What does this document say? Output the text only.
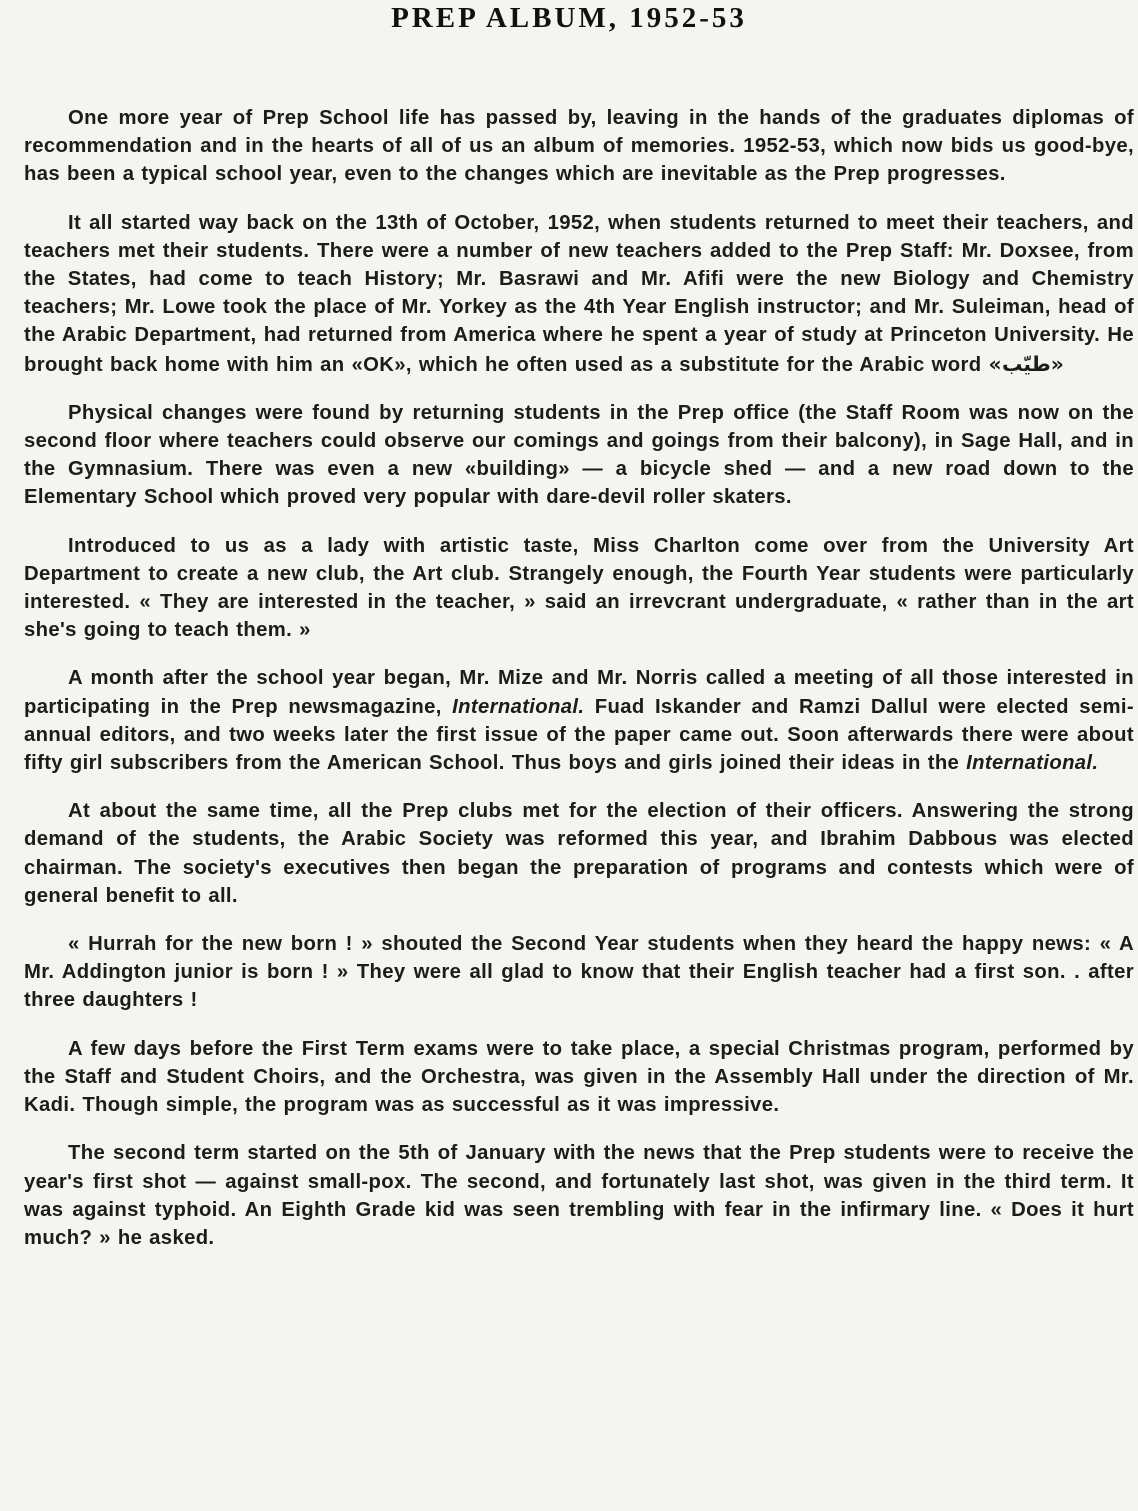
PREP ALBUM, 1952-53

One more year of Prep School life has passed by, leaving in the hands of the graduates diplomas of recommendation and in the hearts of all of us an album of memories. 1952-53, which now bids us good-bye, has been a typical school year, even to the changes which are inevitable as the Prep progresses.

It all started way back on the 13th of October, 1952, when students returned to meet their teachers, and teachers met their students. There were a number of new teachers added to the Prep Staff: Mr. Doxsee, from the States, had come to teach History; Mr. Basrawi and Mr. Afifi were the new Biology and Chemistry teachers; Mr. Lowe took the place of Mr. Yorkey as the 4th Year English instructor; and Mr. Suleiman, head of the Arabic Department, had returned from America where he spent a year of study at Princeton University. He brought back home with him an «OK», which he often used as a substitute for the Arabic word «طيّب»

Physical changes were found by returning students in the Prep office (the Staff Room was now on the second floor where teachers could observe our comings and goings from their balcony), in Sage Hall, and in the Gymnasium. There was even a new «building» — a bicycle shed — and a new road down to the Elementary School which proved very popular with dare-devil roller skaters.

Introduced to us as a lady with artistic taste, Miss Charlton come over from the University Art Department to create a new club, the Art club. Strangely enough, the Fourth Year students were particularly interested. « They are interested in the teacher, » said an irrevcrant undergraduate, « rather than in the art she's going to teach them. »

A month after the school year began, Mr. Mize and Mr. Norris called a meeting of all those interested in participating in the Prep newsmagazine, International. Fuad Iskander and Ramzi Dallul were elected semi-annual editors, and two weeks later the first issue of the paper came out. Soon afterwards there were about fifty girl subscribers from the American School. Thus boys and girls joined their ideas in the International.

At about the same time, all the Prep clubs met for the election of their officers. Answering the strong demand of the students, the Arabic Society was reformed this year, and Ibrahim Dabbous was elected chairman. The society's executives then began the preparation of programs and contests which were of general benefit to all.

« Hurrah for the new born ! » shouted the Second Year students when they heard the happy news: « A Mr. Addington junior is born ! » They were all glad to know that their English teacher had a first son. . after three daughters !

A few days before the First Term exams were to take place, a special Christmas program, performed by the Staff and Student Choirs, and the Orchestra, was given in the Assembly Hall under the direction of Mr. Kadi. Though simple, the program was as successful as it was impressive.

The second term started on the 5th of January with the news that the Prep students were to receive the year's first shot — against small-pox. The second, and fortunately last shot, was given in the third term. It was against typhoid. An Eighth Grade kid was seen trembling with fear in the infirmary line. « Does it hurt much? » he asked.
